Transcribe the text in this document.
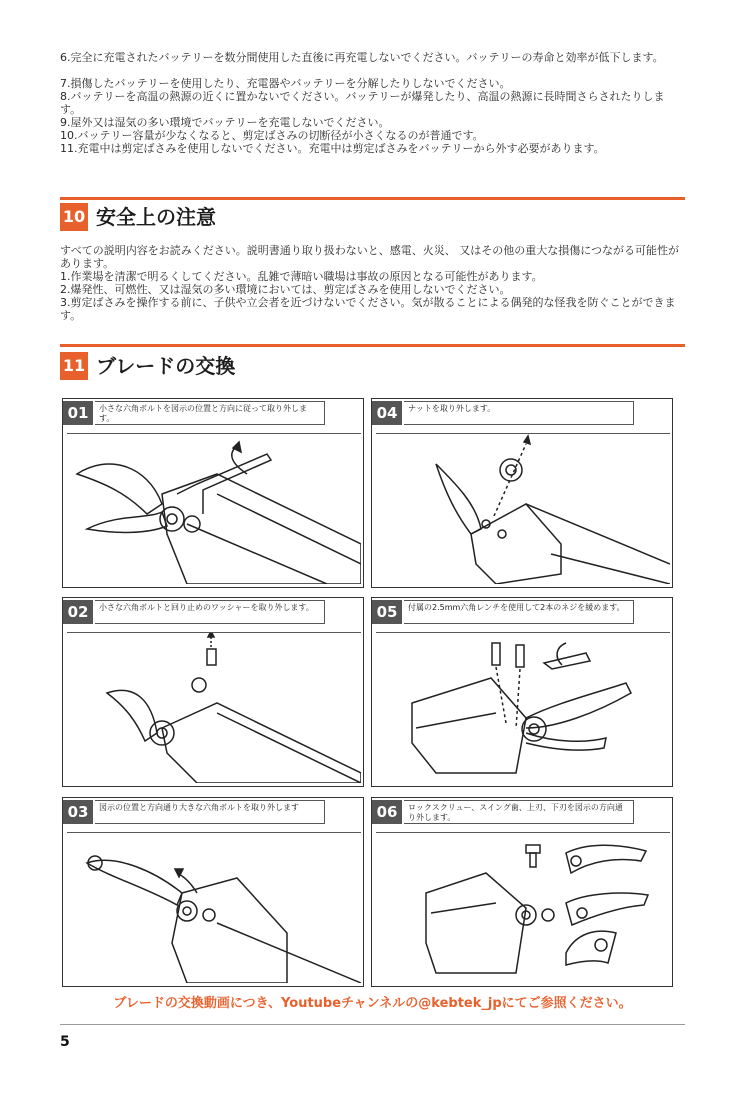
6.完全に充電されたバッテリーを数分間使用した直後に再充電しないでください。バッテリーの寿命と効率が低下します。
7.損傷したバッテリーを使用したり、充電器やバッテリーを分解したりしないでください。
8.バッテリーを高温の熱源の近くに置かないでください。バッテリーが爆発したり、高温の熱源に長時間さらされたりします。
9.屋外又は湿気の多い環境でバッテリーを充電しないでください。
10.バッテリー容量が少なくなると、剪定ばさみの切断径が小さくなるのが普通です。
11.充電中は剪定ばさみを使用しないでください。充電中は剪定ばさみをバッテリーから外す必要があります。
10 安全上の注意
すべての説明内容をお読みください。説明書通り取り扱わないと、感電、火災、 又はその他の重大な損傷につながる可能性があります。
1.作業場を清潔で明るくしてください。乱雑で薄暗い職場は事故の原因となる可能性があります。
2.爆発性、可燃性、又は湿気の多い環境においては、剪定ばさみを使用しないでください。
3.剪定ばさみを操作する前に、子供や立会者を近づけないでください。気が散ることによる偶発的な怪我を防ぐことができます。
11 ブレードの交換
01	小さな六角ボルトを図示の位置と方向に従って取り外します。	04	ナットを取り外します。
02	小さな六角ボルトと回り止めのワッシャーを取り外します。	05	付属の2.5mm六角レンチを使用して2本のネジを緩めます。
03	図示の位置と方向通り大きな六角ボルトを取り外します	06	ロックスクリュー、スイング歯、上刃、下刃を図示の方向通り外します。
ブレードの交換動画につき、Youtubeチャンネルの@kebtek_jpにてご参照ください。
5
